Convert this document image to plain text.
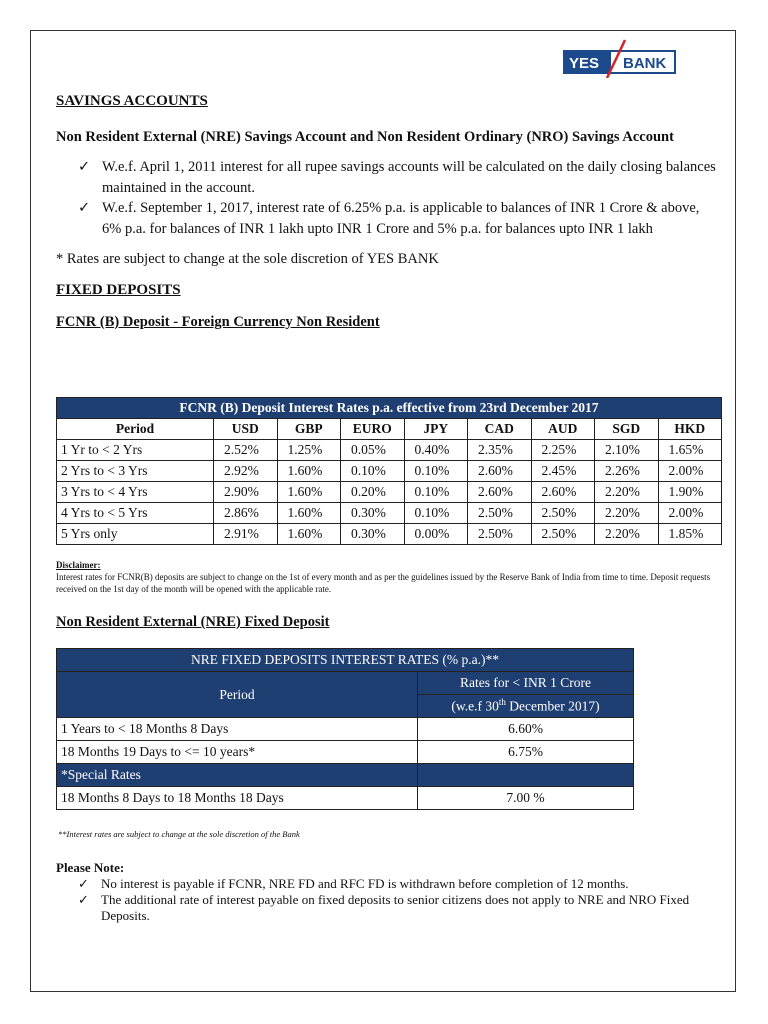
YES BANK
SAVINGS ACCOUNTS
Non Resident External (NRE) Savings Account and Non Resident Ordinary (NRO) Savings Account
✓ W.e.f. April 1, 2011 interest for all rupee savings accounts will be calculated on the daily closing balances maintained in the account.
✓ W.e.f. September 1, 2017, interest rate of 6.25% p.a. is applicable to balances of INR 1 Crore & above, 6% p.a. for balances of INR 1 lakh upto INR 1 Crore and 5% p.a. for balances upto INR 1 lakh
* Rates are subject to change at the sole discretion of YES BANK
FIXED DEPOSITS
FCNR (B) Deposit - Foreign Currency Non Resident
FCNR (B) Deposit Interest Rates p.a. effective from 23rd December 2017								
Period	USD	GBP	EURO	JPY	CAD	AUD	SGD	HKD
1 Yr to < 2 Yrs	2.52%	1.25%	0.05%	0.40%	2.35%	2.25%	2.10%	1.65%
2 Yrs to < 3 Yrs	2.92%	1.60%	0.10%	0.10%	2.60%	2.45%	2.26%	2.00%
3 Yrs to < 4 Yrs	2.90%	1.60%	0.20%	0.10%	2.60%	2.60%	2.20%	1.90%
4 Yrs to < 5 Yrs	2.86%	1.60%	0.30%	0.10%	2.50%	2.50%	2.20%	2.00%
5 Yrs only	2.91%	1.60%	0.30%	0.00%	2.50%	2.50%	2.20%	1.85%
Disclaimer:
Interest rates for FCNR(B) deposits are subject to change on the 1st of every month and as per the guidelines issued by the Reserve Bank of India from time to time. Deposit requests received on the 1st day of the month will be opened with the applicable rate.
Non Resident External (NRE) Fixed Deposit
NRE FIXED DEPOSITS INTEREST RATES (% p.a.)**	
Period	Rates for < INR 1 Crore
	(w.e.f 30th December 2017)
1 Years to < 18 Months 8 Days	6.60%
18 Months 19 Days to <= 10 years*	6.75%
*Special Rates	
18 Months 8 Days to 18 Months 18 Days	7.00 %
**Interest rates are subject to change at the sole discretion of the Bank
Please Note:
✓ No interest is payable if FCNR, NRE FD and RFC FD is withdrawn before completion of 12 months.
✓ The additional rate of interest payable on fixed deposits to senior citizens does not apply to NRE and NRO Fixed Deposits.
